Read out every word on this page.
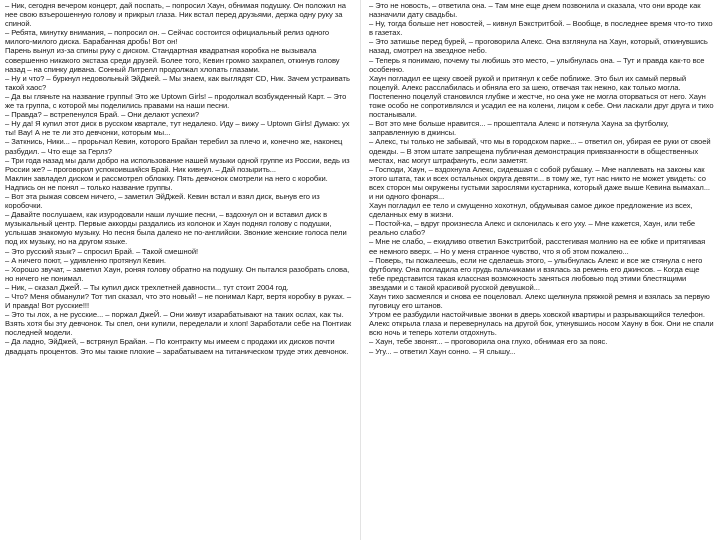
– Ник, сегодня вечером концерт, дай поспать, – попросил Хаун, обнимая подушку. Он положил на нее свою взъерошенную голову и прикрыл глаза. Ник встал перед друзьями, держа одну руку за спиной.

– Ребята, минутку внимания, – попросил он. – Сейчас состоится официальный релиз одного милого-милого диска. Барабанная дробь! Вот он!

Парень вынул из-за спины руку с диском. Стандартная квадратная коробка не вызывала совершенно никакого экстаза среди друзей. Более того, Кевин громко захрапел, откинув голову назад – на спинку дивана. Сонный Литрелл продолжал хлопать глазами.

– Ну и что? – буркнул недовольный ЭйДжей. – Мы знаем, как выглядят CD, Ник. Зачем устраивать такой хаос?

– Да вы гляньте на название группы! Это же Uptown Girls! – продолжал возбужденный Карт. – Это же та группа, с которой мы поделились правами на наши песни.

– Правда? – встрепенулся Брай. – Они делают успехи?

– Ну да! Я купил этот диск в русском квартале, тут недалеко. Иду – вижу – Uptown Girls! Думаю: ух ты! Вау! А не те ли это девчонки, которым мы...

– Заткнись, Ники... – прорычал Кевин, которого Брайан теребил за плечо и, конечно же, наконец разбудил. – Что еще за Герлз?

– Три года назад мы дали добро на использование нашей музыки одной группе из России, ведь из России же? – проговорил успокоившийся Брай. Ник кивнул. – Дай позырить...

Маклин завладел диском и рассмотрел обложку. Пять девчонок смотрели на него с коробки. Надпись он не понял – только название группы.

– Вот эта рыжая совсем ничего, – заметил ЭйДжей. Кевин встал и взял диск, вынув его из коробочки.

– Давайте послушаем, как изуродовали наши лучшие песни, – вздохнул он и вставил диск в музыкальный центр. Первые аккорды раздались из колонок и Хаун поднял голову с подушки, услышав знакомую музыку. Но песня была далеко не по-английски. Звонкие женские голоса пели под их музыку, но на другом языке.

– Это русский язык? – спросил Брай. – Такой смешной!

– А ничего поют, – удивленно протянул Кевин.

– Хорошо звучат, – заметил Хаун, роняя голову обратно на подушку. Он пытался разобрать слова, но ничего не понимал.

– Ник, – сказал ДжеЙ. – Ты купил диск трехлетней давности... тут стоит 2004 год.

– Что? Меня обманули? Тот тип сказал, что это новый! – не понимал Карт, вертя коробку в руках. – И правда! Вот русские!!!

– Это ты лох, а не русские... – поржал ДжеЙ. – Они живут изарабатывают на таких ослах, как ты. Взять хотя бы эту девчонок. Ты спел, они купили, переделали и хлоп! Заработали себе на Понтиак последней модели.

– Да ладно, ЭйДжей, – встрянул Брайан. – По контракту мы имеем с продажи их дисков почти двадцать процентов. Это мы также плохие – зарабатываем на титаническом труде этих девчонок.

– Это не новость, – ответила она. – Там мне еще днем позвонила и сказала, что они вроде как назначили дату свадьбы.

– Ну, тогда больше нет новостей, – кивнул Бэкстритбой. – Вообще, в последнее время что-то тихо в газетах.

– Это затишье перед бурей, – проговорила Алекс. Она взглянула на Хаун, который, откинувшись назад, смотрел на звездное небо.

– Теперь я понимаю, почему ты любишь это место, – улыбнулась она. – Тут и правда как-то все особенно.

Хаун погладил ее щеку своей рукой и притянул к себе поближе. Это был их самый первый поцелуй. Алекс расслабилась и обняла его за шею, отвечая так нежно, как только могла. Постепенно поцелуй становился глубже и жестче, но она уже не могла оторваться от него. Хаун тоже особо не сопротивлялся и усадил ее на колени, лицом к себе. Они ласкали друг друга и тихо постанывали.

– Вот это мне больше нравится... – прошептала Алекс и потянула Хауна за футболку, заправленную в джинсы.

– Алекс, ты только не забывай, что мы в городском парке... – ответил он, убирая ее руки от своей одежды. – В этом штате запрещена публичная демонстрация привязанности в общественных местах, нас могут штрафануть, если заметят.

– Господи, Хаун, – вздохнула Алекс, сидевшая с собой рубашку. – Мне наплевать на законы как этого штата, так и всех остальных округа девяти... в тому же, тут нас никто не может увидеть: со всех сторон мы окружены густыми зарослями кустарника, который даже выше Кевина вымахал... и ни одного фонаря...

Хаун погладил ее тело и смущенно хохотнул, обдумывая самое дикое предложение из всех, сделанных ему в жизни.

– Постой-ка, – вдруг произнесла Алекс и склонилась к его уху. – Мне кажется, Хаун, или тебе реально слабо?

– Мне не слабо, – ехидливо ответил Бэкстритбой, расстегивая молнию на ее юбке и притягивая ее немного вверх. – Но у меня странное чувство, что я об этом пожалею...

– Поверь, ты пожалеешь, если не сделаешь этого, – улыбнулась Алекс и все же стянула с него футболку. Она погладила его грудь пальчиками и взялась за ремень его джинсов. – Когда еще тебе представится такая классная возможность заняться любовью под этими блестящими звездами и с такой красивой русской девушкой...

Хаун тихо засмеялся и снова ее поцеловал. Алекс щелкнула пряжкой ремня и взялась за первую пуговицу его штанов.

Утром ее разбудили настойчивые звонки в дверь ховской квартиры и разрывающийся телефон. Алекс открыла глаза и перевернулась на другой бок, уткнувшись носом Хауну в бок. Они не спали всю ночь и теперь хотели отдохнуть.

– Хаун, тебе звонят... – проговорила она глухо, обнимая его за пояс.

– Угу... – ответил Хаун сонно. – Я слышу...
